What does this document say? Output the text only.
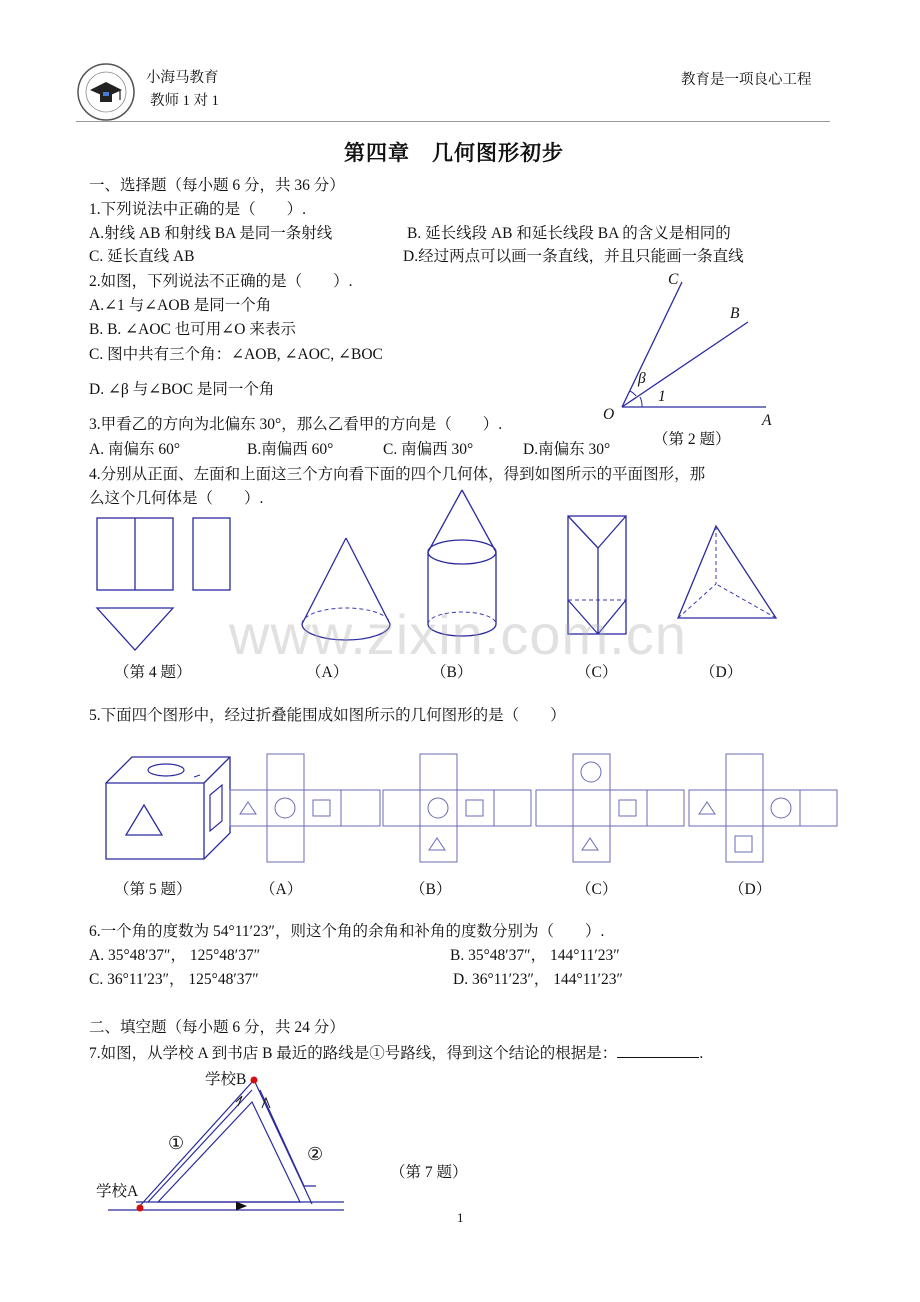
小海马教育
教师 1 对 1
教育是一项良心工程
第四章　几何图形初步
一、选择题（每小题 6 分，共 36 分）
1.下列说法中正确的是（　　）.
A.射线 AB 和射线 BA 是同一条射线	B. 延长线段 AB 和延长线段 BA 的含义是相同的
C. 延长直线 AB	D.经过两点可以画一条直线，并且只能画一条直线
2.如图，下列说法不正确的是（　　）.
A.∠1 与∠AOB 是同一个角
B. B. ∠AOC 也可用∠O 来表示
C. 图中共有三个角：∠AOB, ∠AOC, ∠BOC
D. ∠β 与∠BOC 是同一个角
C
B
A
O
β
1
（第 2 题）
3.甲看乙的方向为北偏东 30°，那么乙看甲的方向是（　　）.
A. 南偏东 60°	B.南偏西 60°	C. 南偏西 30°	D.南偏东 30°
4.分别从正面、左面和上面这三个方向看下面的四个几何体，得到如图所示的平面图形，那
么这个几何体是（　　）.
（第 4 题）	（A）	（B）	（C）	（D）
www.zixin.com.cn
5.下面四个图形中，经过折叠能围成如图所示的几何图形的是（　　）
（第 5 题）	（A）	（B）	（C）	（D）
6.一个角的度数为 54°11′23″，则这个角的余角和补角的度数分别为（　　）.
A. 35°48′37″， 125°48′37″	B. 35°48′37″， 144°11′23″
C. 36°11′23″， 125°48′37″	D. 36°11′23″， 144°11′23″
二、填空题（每小题 6 分，共 24 分）
7.如图，从学校 A 到书店 B 最近的路线是①号路线，得到这个结论的根据是：	.
学校B
学校A
①
②
（第 7 题）
1
